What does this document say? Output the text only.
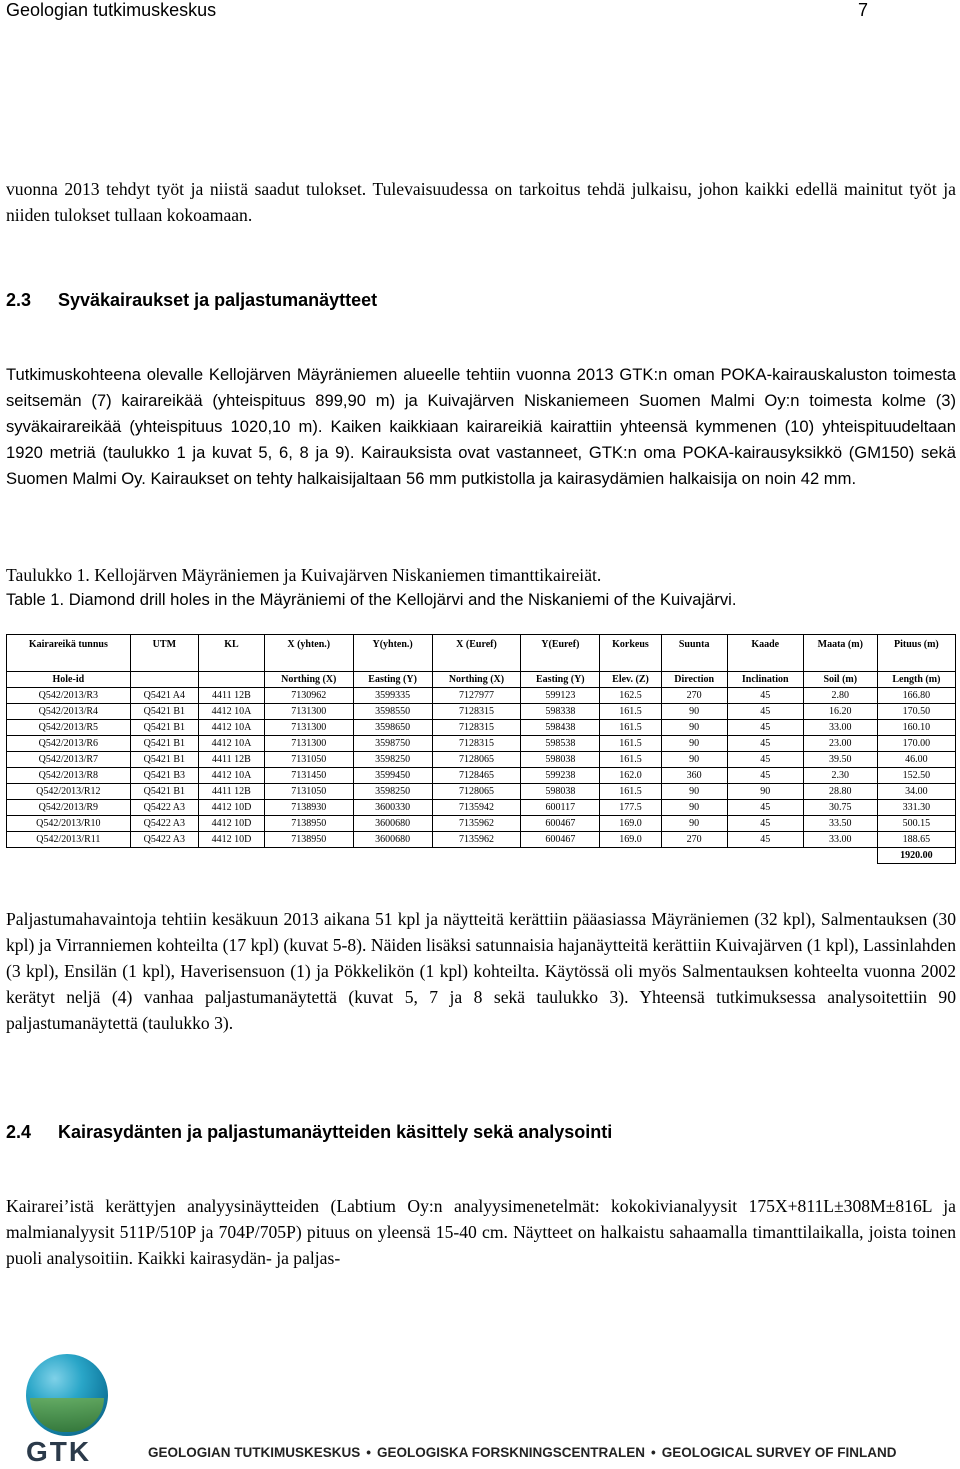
Geologian tutkimuskeskus	7

vuonna 2013 tehdyt työt ja niistä saadut tulokset. Tulevaisuudessa on tarkoitus tehdä julkaisu, johon kaikki edellä mainitut työt ja niiden tulokset tullaan kokoamaan.

2.3 Syväkairaukset ja paljastumanäytteet

Tutkimuskohteena olevalle Kellojärven Mäyräniemen alueelle tehtiin vuonna 2013 GTK:n oman POKA-kairauskaluston toimesta seitsemän (7) kairareikää (yhteispituus 899,90 m) ja Kuivajärven Niskaniemeen Suomen Malmi Oy:n toimesta kolme (3) syväkairareikää (yhteispituus 1020,10 m). Kaiken kaikkiaan kairareikiä kairattiin yhteensä kymmenen (10) yhteispituudeltaan 1920 metriä (taulukko 1 ja kuvat 5, 6, 8 ja 9). Kairauksista ovat vastanneet, GTK:n oma POKA-kairausyksikkö (GM150) sekä Suomen Malmi Oy. Kairaukset on tehty halkaisijaltaan 56 mm putkistolla ja kairasydämien halkaisija on noin 42 mm.

Taulukko 1. Kellojärven Mäyräniemen ja Kuivajärven Niskaniemen timanttikaireiät.

Table 1. Diamond drill holes in the Mäyräniemi of the Kellojärvi and the Niskaniemi of the Kuivajärvi.

Kairareikä tunnus	UTM	KL	X (yhten.)	Y(yhten.)	X (Euref)	Y(Euref)	Korkeus	Suunta	Kaade	Maata (m)	Pituus (m)
Hole-id			Northing (X)	Easting (Y)	Northing (X)	Easting (Y)	Elev. (Z)	Direction	Inclination	Soil (m)	Length (m)
Q542/2013/R3	Q5421 A4	4411 12B	7130962	3599335	7127977	599123	162.5	270	45	2.80	166.80
Q542/2013/R4	Q5421 B1	4412 10A	7131300	3598550	7128315	598338	161.5	90	45	16.20	170.50
Q542/2013/R5	Q5421 B1	4412 10A	7131300	3598650	7128315	598438	161.5	90	45	33.00	160.10
Q542/2013/R6	Q5421 B1	4412 10A	7131300	3598750	7128315	598538	161.5	90	45	23.00	170.00
Q542/2013/R7	Q5421 B1	4411 12B	7131050	3598250	7128065	598038	161.5	90	45	39.50	46.00
Q542/2013/R8	Q5421 B3	4412 10A	7131450	3599450	7128465	599238	162.0	360	45	2.30	152.50
Q542/2013/R12	Q5421 B1	4411 12B	7131050	3598250	7128065	598038	161.5	90	90	28.80	34.00
Q542/2013/R9	Q5422 A3	4412 10D	7138930	3600330	7135942	600117	177.5	90	45	30.75	331.30
Q542/2013/R10	Q5422 A3	4412 10D	7138950	3600680	7135962	600467	169.0	90	45	33.50	500.15
Q542/2013/R11	Q5422 A3	4412 10D	7138950	3600680	7135962	600467	169.0	270	45	33.00	188.65
											1920.00

Paljastumahavaintoja tehtiin kesäkuun 2013 aikana 51 kpl ja näytteitä kerättiin pääasiassa Mäyräniemen (32 kpl), Salmentauksen (30 kpl) ja Virranniemen kohteilta (17 kpl) (kuvat 5-8). Näiden lisäksi satunnaisia hajanäytteitä kerättiin Kuivajärven (1 kpl), Lassinlahden (3 kpl), Ensilän (1 kpl), Haverisensuon (1) ja Pökkelikön (1 kpl) kohteilta. Käytössä oli myös Salmentauksen kohteelta vuonna 2002 kerätyt neljä (4) vanhaa paljastumanäytettä (kuvat 5, 7 ja 8 sekä taulukko 3). Yhteensä tutkimuksessa analysoitettiin 90 paljastumanäytettä (taulukko 3).

2.4 Kairasydänten ja paljastumanäytteiden käsittely sekä analysointi

Kairarei’istä kerättyjen analyysinäytteiden (Labtium Oy:n analyysimenetelmät: kokokivianalyysit 175X+811L±308M±816L ja malmianalyysit 511P/510P ja 704P/705P) pituus on yleensä 15-40 cm. Näytteet on halkaistu sahaamalla timanttilaikalla, joista toinen puoli analysoitiin. Kaikki kairasydän- ja paljas-

GTK	GEOLOGIAN TUTKIMUSKESKUS • GEOLOGISKA FORSKNINGSCENTRALEN • GEOLOGICAL SURVEY OF FINLAND
